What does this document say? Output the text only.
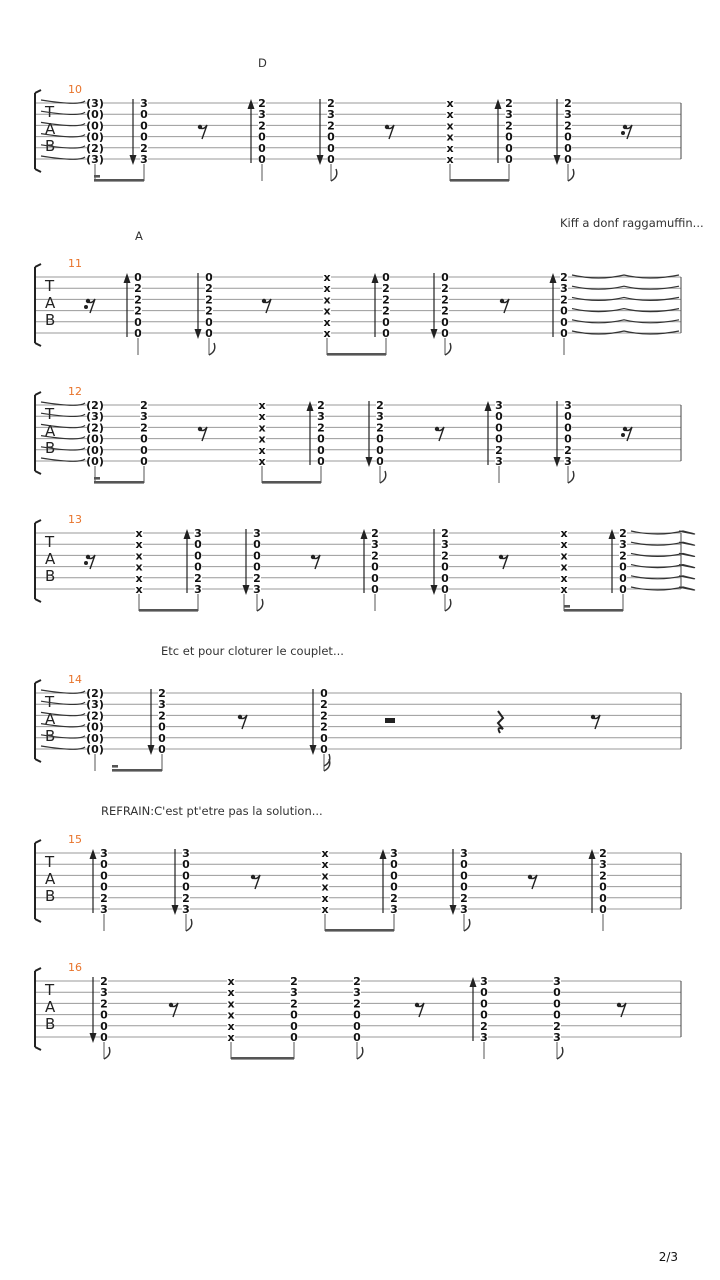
T
A
B
10
(3)
(0)
(0)
(0)
(2)
(3)
3
0
0
0
2
3
2
3
2
0
0
0
2
3
2
0
0
0
x
x
x
x
x
x
2
3
2
0
0
0
2
3
2
0
0
0
T
A
B
11
0
2
2
2
0
0
0
2
2
2
0
0
x
x
x
x
x
x
0
2
2
2
0
0
0
2
2
2
0
0
2
3
2
0
0
0
T
A
B
12
(2)
(3)
(2)
(0)
(0)
(0)
2
3
2
0
0
0
x
x
x
x
x
x
2
3
2
0
0
0
2
3
2
0
0
0
3
0
0
0
2
3
3
0
0
0
2
3
T
A
B
13
x
x
x
x
x
x
3
0
0
0
2
3
3
0
0
0
2
3
2
3
2
0
0
0
2
3
2
0
0
0
x
x
x
x
x
x
2
3
2
0
0
0
T
A
B
14
(2)
(3)
(2)
(0)
(0)
(0)
2
3
2
0
0
0
0
2
2
2
0
0
T
A
B
15
3
0
0
0
2
3
3
0
0
0
2
3
x
x
x
x
x
x
3
0
0
0
2
3
3
0
0
0
2
3
2
3
2
0
0
0
T
A
B
16
2
3
2
0
0
0
x
x
x
x
x
x
2
3
2
0
0
0
2
3
2
0
0
0
3
0
0
0
2
3
3
0
0
0
2
3
D
Kiff a donf raggamuffin...
A
Etc et pour cloturer le couplet...
REFRAIN:C'est pt'etre pas la solution...
2/3
